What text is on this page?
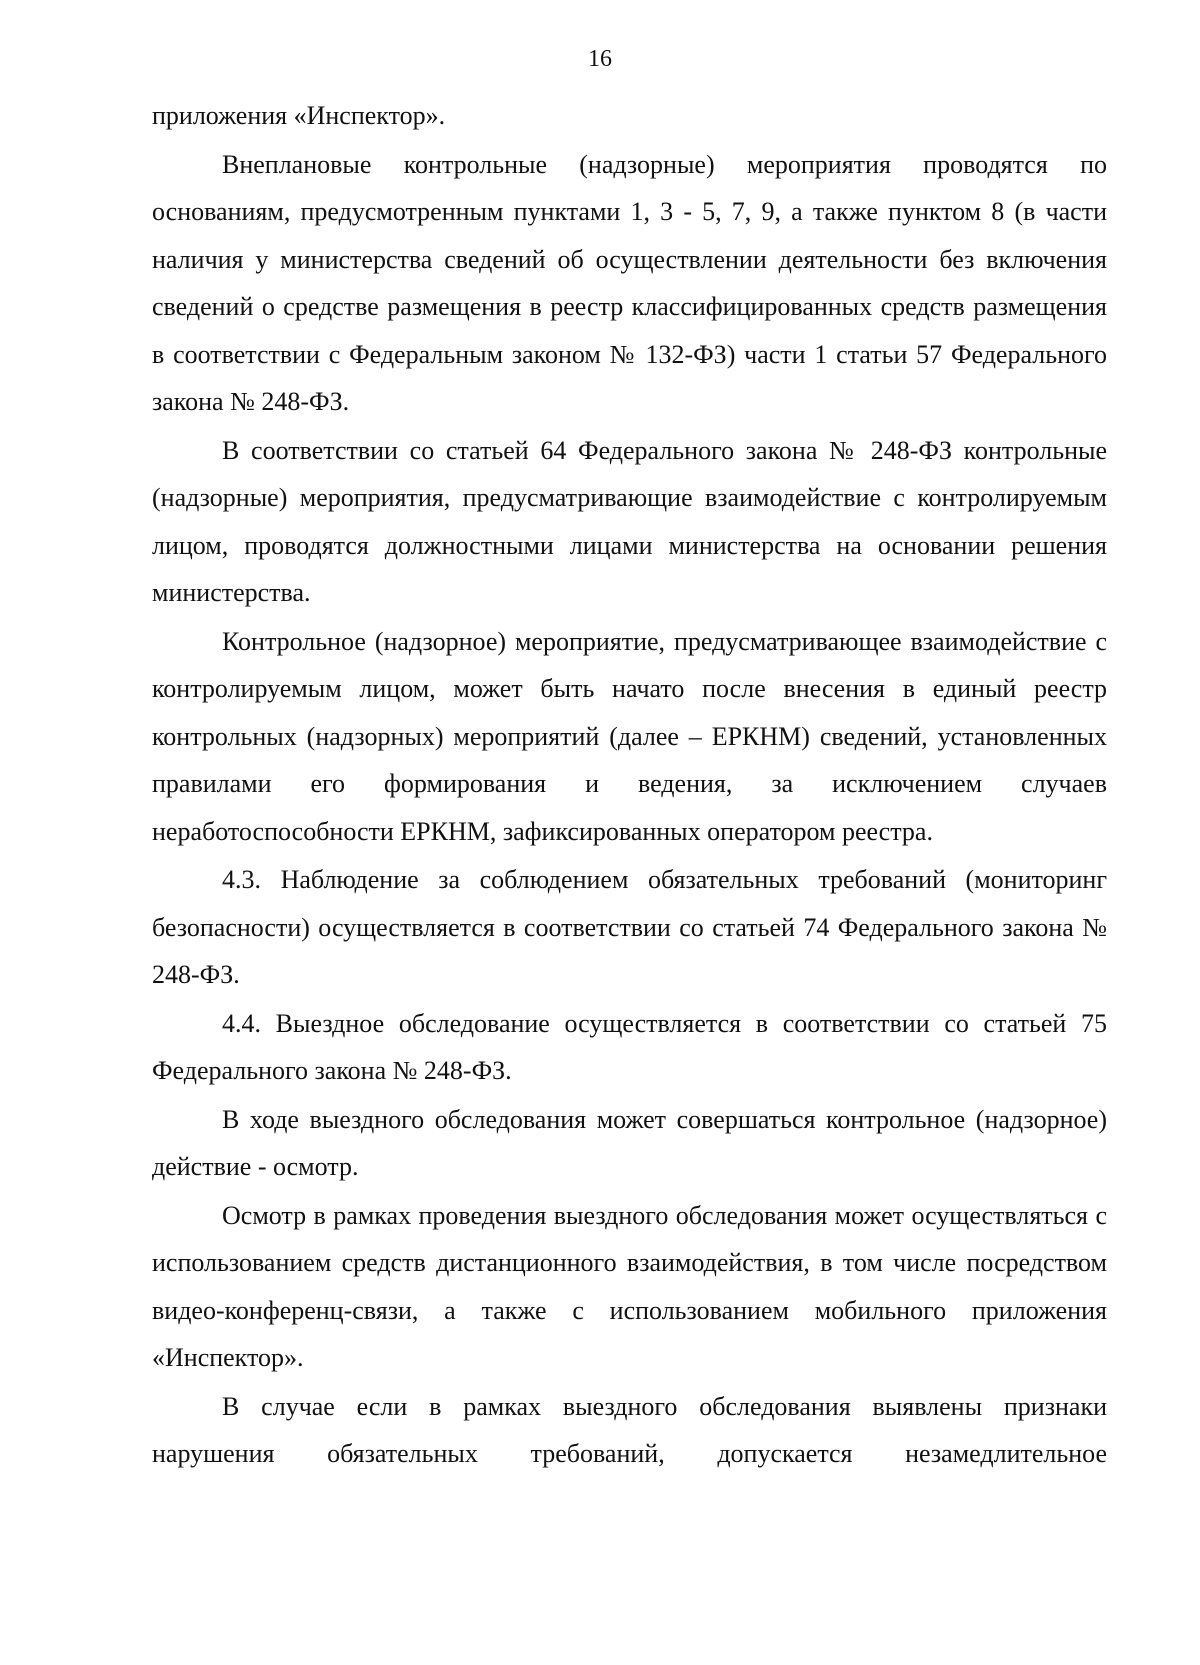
16

приложения «Инспектор».

Внеплановые контрольные (надзорные) мероприятия проводятся по основаниям, предусмотренным пунктами 1, 3 - 5, 7, 9, а также пунктом 8 (в части наличия у министерства сведений об осуществлении деятельности без включения сведений о средстве размещения в реестр классифицированных средств размещения в соответствии с Федеральным законом № 132-ФЗ) части 1 статьи 57 Федерального закона № 248-ФЗ.

В соответствии со статьей 64 Федерального закона № 248-ФЗ контрольные (надзорные) мероприятия, предусматривающие взаимодействие с контролируемым лицом, проводятся должностными лицами министерства на основании решения министерства.

Контрольное (надзорное) мероприятие, предусматривающее взаимодействие с контролируемым лицом, может быть начато после внесения в единый реестр контрольных (надзорных) мероприятий (далее – ЕРКНМ) сведений, установленных правилами его формирования и ведения, за исключением случаев неработоспособности ЕРКНМ, зафиксированных оператором реестра.

4.3. Наблюдение за соблюдением обязательных требований (мониторинг безопасности) осуществляется в соответствии со статьей 74 Федерального закона № 248-ФЗ.

4.4. Выездное обследование осуществляется в соответствии со статьей 75 Федерального закона № 248-ФЗ.

В ходе выездного обследования может совершаться контрольное (надзорное) действие - осмотр.

Осмотр в рамках проведения выездного обследования может осуществляться с использованием средств дистанционного взаимодействия, в том числе посредством видео-конференц-связи, а также с использованием мобильного приложения «Инспектор».

В случае если в рамках выездного обследования выявлены признаки нарушения обязательных требований, допускается незамедлительное
